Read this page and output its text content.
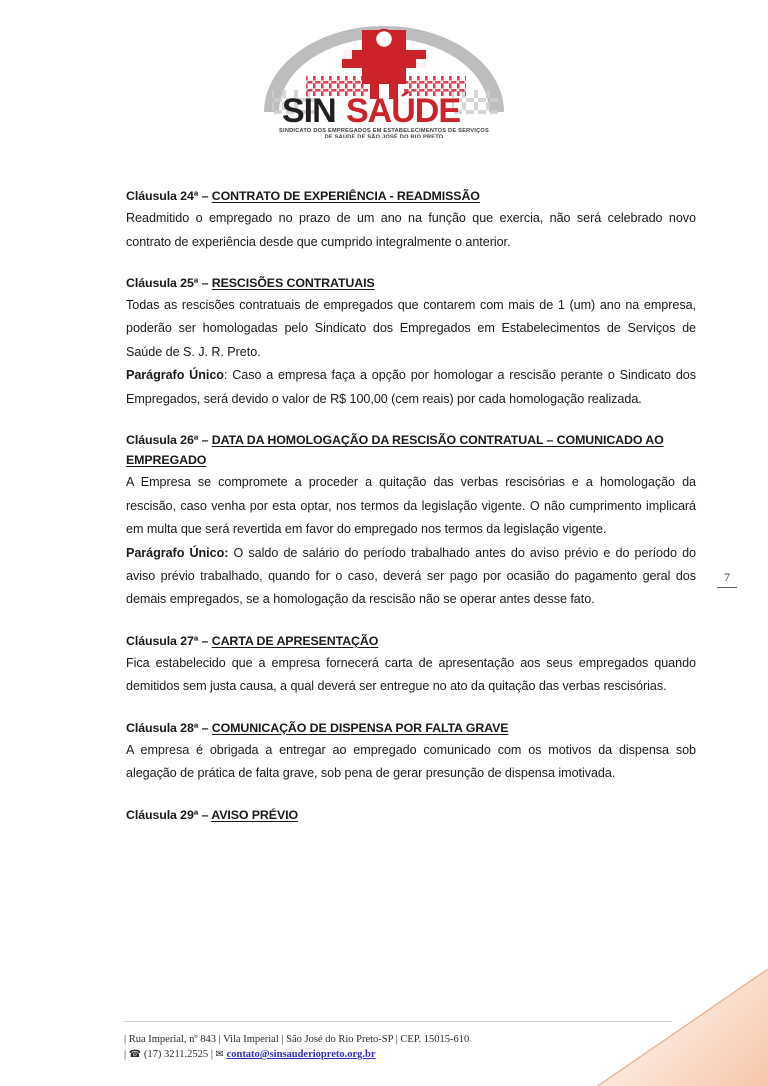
SIN SAÚDE
SINDICATO DOS EMPREGADOS EM ESTABELECIMENTOS DE SERVIÇOS
DE SAÚDE DE SÃO JOSÉ DO RIO PRETO
Cláusula 24ª – CONTRATO DE EXPERIÊNCIA - READMISSÃO

Readmitido o empregado no prazo de um ano na função que exercia, não será celebrado novo contrato de experiência desde que cumprido integralmente o anterior.

Cláusula 25ª – RESCISÕES CONTRATUAIS

Todas as rescisões contratuais de empregados que contarem com mais de 1 (um) ano na empresa, poderão ser homologadas pelo Sindicato dos Empregados em Estabelecimentos de Serviços de Saúde de S. J. R. Preto.

Parágrafo Único: Caso a empresa faça a opção por homologar a rescisão perante o Sindicato dos Empregados, será devido o valor de R$ 100,00 (cem reais) por cada homologação realizada.

Cláusula 26ª – DATA DA HOMOLOGAÇÃO DA RESCISÃO CONTRATUAL – COMUNICADO AO EMPREGADO

A Empresa se compromete a proceder a quitação das verbas rescisórias e a homologação da rescisão, caso venha por esta optar, nos termos da legislação vigente. O não cumprimento implicará em multa que será revertida em favor do empregado nos termos da legislação vigente.

Parágrafo Único: O saldo de salário do período trabalhado antes do aviso prévio e do período do aviso prévio trabalhado, quando for o caso, deverá ser pago por ocasião do pagamento geral dos demais empregados, se a homologação da rescisão não se operar antes desse fato.

Cláusula 27ª – CARTA DE APRESENTAÇÃO

Fica estabelecido que a empresa fornecerá carta de apresentação aos seus empregados quando demitidos sem justa causa, a qual deverá ser entregue no ato da quitação das verbas rescisórias.

Cláusula 28ª – COMUNICAÇÃO DE DISPENSA POR FALTA GRAVE

A empresa é obrigada a entregar ao empregado comunicado com os motivos da dispensa sob alegação de prática de falta grave, sob pena de gerar presunção de dispensa imotivada.

Cláusula 29ª – AVISO PRÉVIO
7
| Rua Imperial, nº 843 | Vila Imperial | São José do Rio Preto-SP | CEP. 15015-610
| ☎ (17) 3211.2525 | ✉ contato@sinsauderiopreto.org.br
